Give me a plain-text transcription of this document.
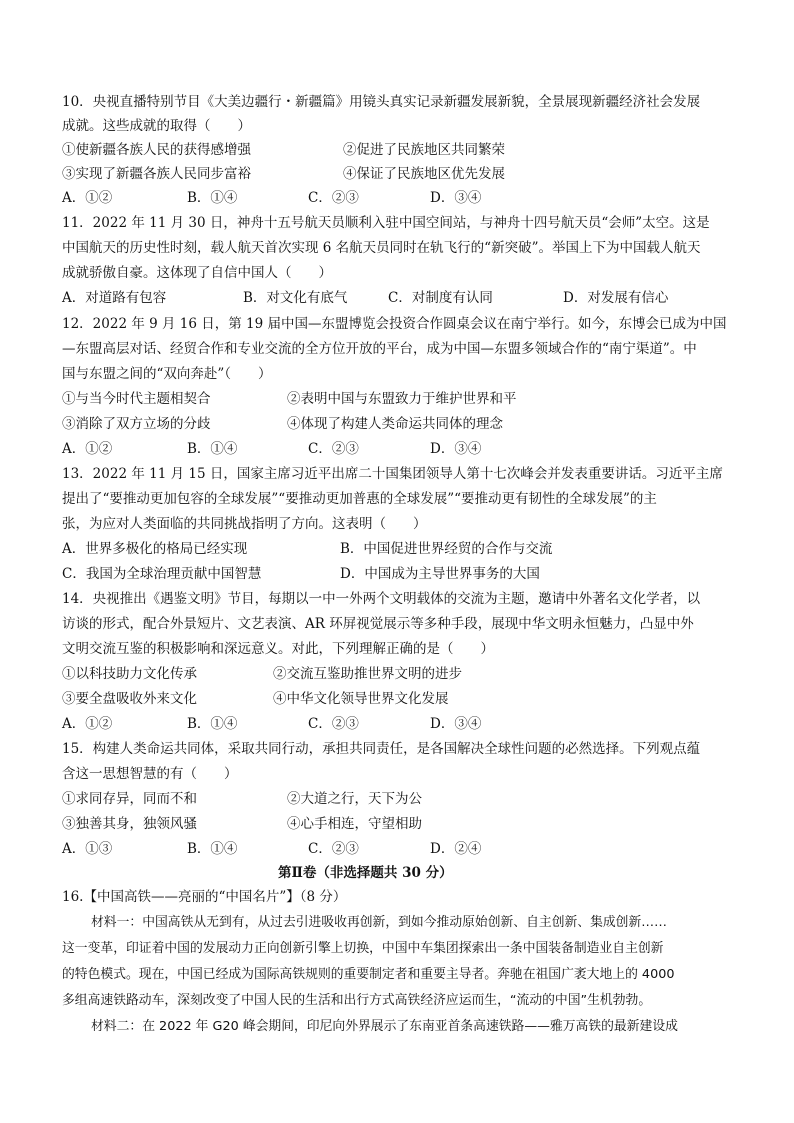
10．央视直播特别节目《大美边疆行・新疆篇》用镜头真实记录新疆发展新貌，全景展现新疆经济社会发展
成就。这些成就的取得（　　）
①使新疆各族人民的获得感增强	②促进了民族地区共同繁荣
③实现了新疆各族人民同步富裕	④保证了民族地区优先发展
A．①②	B．①④	C．②③	D．③④
11．2022 年 11 月 30 日，神舟十五号航天员顺利入驻中国空间站，与神舟十四号航天员“会师”太空。这是
中国航天的历史性时刻，载人航天首次实现 6 名航天员同时在轨飞行的“新突破”。举国上下为中国载人航天
成就骄傲自豪。这体现了自信中国人（　　）
A．对道路有包容	B．对文化有底气	C．对制度有认同	D．对发展有信心
12．2022 年 9 月 16 日，第 19 届中国—东盟博览会投资合作圆桌会议在南宁举行。如今，东博会已成为中国
—东盟高层对话、经贸合作和专业交流的全方位开放的平台，成为中国—东盟多领域合作的“南宁渠道”。中
国与东盟之间的“双向奔赴”（　　）
①与当今时代主题相契合	②表明中国与东盟致力于维护世界和平
③消除了双方立场的分歧	④体现了构建人类命运共同体的理念
A．①②	B．①④	C．②③	D．③④
13．2022 年 11 月 15 日，国家主席习近平出席二十国集团领导人第十七次峰会并发表重要讲话。习近平主席
提出了“要推动更加包容的全球发展”“要推动更加普惠的全球发展”“要推动更有韧性的全球发展”的主
张，为应对人类面临的共同挑战指明了方向。这表明（　　）
A．世界多极化的格局已经实现	B．中国促进世界经贸的合作与交流
C．我国为全球治理贡献中国智慧	D．中国成为主导世界事务的大国
14．央视推出《遇鉴文明》节目，每期以一中一外两个文明载体的交流为主题，邀请中外著名文化学者，以
访谈的形式，配合外景短片、文艺表演、AR 环屏视觉展示等多种手段，展现中华文明永恒魅力，凸显中外
文明交流互鉴的积极影响和深远意义。对此，下列理解正确的是（　　）
①以科技助力文化传承	②交流互鉴助推世界文明的进步
③要全盘吸收外来文化	④中华文化领导世界文化发展
A．①②	B．①④	C．②③	D．③④
15．构建人类命运共同体，采取共同行动，承担共同责任，是各国解决全球性问题的必然选择。下列观点蕴
含这一思想智慧的有（　　）
①求同存异，同而不和	②大道之行，天下为公
③独善其身，独领风骚	④心手相连，守望相助
A．①③	B．①④	C．②③	D．②④
第Ⅱ卷（非选择题共 30 分）
16.【中国高铁——亮丽的“中国名片”】（8 分）
材料一：中国高铁从无到有，从过去引进吸收再创新，到如今推动原始创新、自主创新、集成创新……
这一变革，印证着中国的发展动力正向创新引擎上切换，中国中车集团探索出一条中国装备制造业自主创新
的特色模式。现在，中国已经成为国际高铁规则的重要制定者和重要主导者。奔驰在祖国广袤大地上的 4000
多组高速铁路动车，深刻改变了中国人民的生活和出行方式高铁经济应运而生，“流动的中国”生机勃勃。
材料二：在 2022 年 G20 峰会期间，印尼向外界展示了东南亚首条高速铁路——雅万高铁的最新建设成
